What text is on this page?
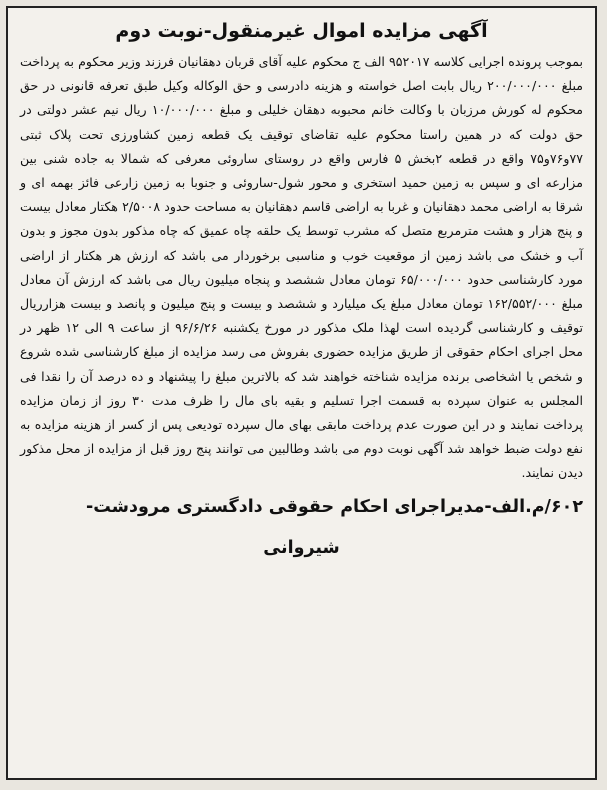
آگهی مزایده اموال غیرمنقول-نوبت دوم

بموجب پرونده اجرایی کلاسه ۹۵۲۰۱۷ الف ج محکوم علیه آقای قربان دهقانیان فرزند وزیر محکوم به پرداخت مبلغ ۲۰۰/۰۰۰/۰۰۰ ریال بابت اصل خواسته و هزینه دادرسی و حق الوکاله وکیل طبق تعرفه قانونی در حق محکوم له کورش مرزبان با وکالت خانم محبوبه دهقان خلیلی و مبلغ ۱۰/۰۰۰/۰۰۰ ریال نیم عشر دولتی در حق دولت که در همین راستا محکوم علیه تقاضای توقیف یک قطعه زمین کشاورزی تحت پلاک ثبتی ۷۷و۷۶و۷۵ واقع در قطعه ۲بخش ۵ فارس واقع در روستای ساروئی معرفی که شمالا به جاده شنی بین مزارعه ای و سپس به زمین حمید استخری و محور شول-ساروئی و جنوبا به زمین زارعی فائز بهمه ای و شرقا به اراضی محمد دهقانیان و غربا به اراضی قاسم دهقانیان به مساحت حدود ۲/۵۰۰۸ هکتار معادل بیست و پنج هزار و هشت مترمربع متصل که مشرب توسط یک حلقه چاه عمیق که چاه مذکور بدون مجوز و بدون آب و خشک می باشد زمین از موقعیت خوب و مناسبی برخوردار می باشد که ارزش هر هکتار از اراضی مورد کارشناسی حدود ۶۵/۰۰۰/۰۰۰ تومان معادل ششصد و پنجاه میلیون ریال می باشد که ارزش آن معادل مبلغ ۱۶۲/۵۵۲/۰۰۰ تومان معادل مبلغ یک میلیارد و ششصد و بیست و پنج میلیون و پانصد و بیست هزارریال توقیف و کارشناسی گردیده است لهذا ملک مذکور در مورخ یکشنبه ۹۶/۶/۲۶ از ساعت ۹ الی ۱۲ ظهر در محل اجرای احکام حقوقی از طریق مزایده حضوری بفروش می رسد مزایده از مبلغ کارشناسی شده شروع و شخص یا اشخاصی برنده مزایده شناخته خواهند شد که بالاترین مبلغ را پیشنهاد و ده درصد آن را نقدا فی المجلس به عنوان سپرده به قسمت اجرا تسلیم و بقیه بای مال را ظرف مدت ۳۰ روز از زمان مزایده پرداخت نمایند و در این صورت عدم پرداخت مابقی بهای مال سپرده تودیعی پس از کسر از هزینه مزایده به نفع دولت ضبط خواهد شد آگهی نوبت دوم می باشد وطالبین می توانند پنج روز قبل از مزایده از محل مذکور دیدن نمایند.

۶۰۲/م.الف-مدیراجرای احکام حقوقی دادگستری مرودشت-
شیروانی
